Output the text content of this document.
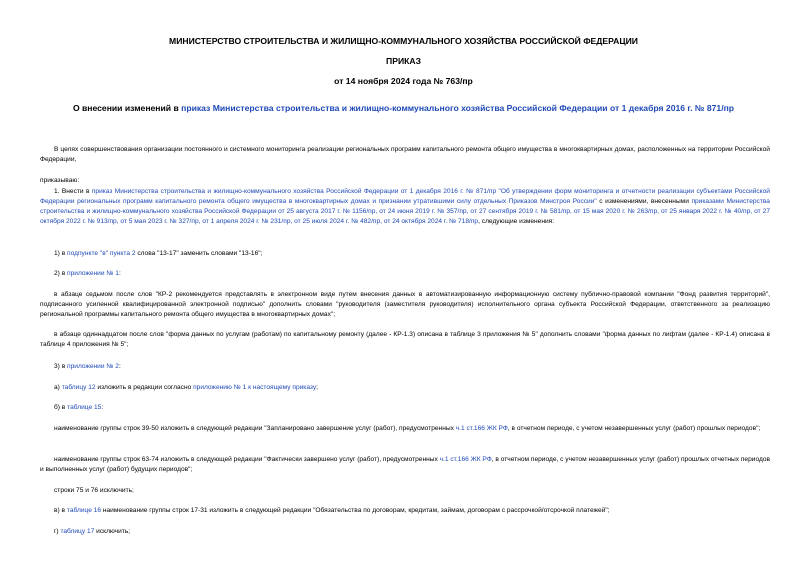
МИНИСТЕРСТВО СТРОИТЕЛЬСТВА И ЖИЛИЩНО-КОММУНАЛЬНОГО ХОЗЯЙСТВА РОССИЙСКОЙ ФЕДЕРАЦИИ
ПРИКАЗ
от 14 ноября 2024 года № 763/пр
О внесении изменений в приказ Министерства строительства и жилищно-коммунального хозяйства Российской Федерации от 1 декабря 2016 г. № 871/пр
В целях совершенствования организации постоянного и системного мониторинга реализации региональных программ капитального ремонта общего имущества в многоквартирных домах, расположенных на территории Российской Федерации,
приказываю:
1. Внести в приказ Министерства строительства и жилищно-коммунального хозяйства Российской Федерации от 1 декабря 2016 г. № 871/пр "Об утверждении форм мониторинга и отчетности реализации субъектами Российской Федерации региональных программ капитального ремонта общего имущества в многоквартирных домах и признании утратившими силу отдельных Приказов Минстроя России" с изменениями, внесенными приказами Министерства строительства и жилищно-коммунального хозяйства Российской Федерации от 25 августа 2017 г. № 1156/пр, от 24 июня 2019 г. № 357/пр, от 27 сентября 2019 г. № 581/пр, от 15 мая 2020 г. № 263/пр, от 25 января 2022 г. № 40/пр, от 27 октября 2022 г. № 913/пр, от 5 мая 2023 г. № 327/пр, от 1 апреля 2024 г. № 231/пр, от 25 июля 2024 г. № 482/пр, от 24 октября 2024 г. № 718/пр, следующие изменения:
1) в подпункте "в" пункта 2 слова "13-17" заменить словами "13-16";
2) в приложении № 1:
в абзаце седьмом после слов "КР-2 рекомендуется представлять в электронном виде путем внесения данных в автоматизированную информационную систему публично-правовой компании "Фонд развития территорий", подписанного усиленной квалифицированной электронной подписью" дополнить словами "руководителя (заместителя руководителя) исполнительного органа субъекта Российской Федерации, ответственного за реализацию региональной программы капитального ремонта общего имущества в многоквартирных домах";
в абзаце одиннадцатом после слов "форма данных по услугам (работам) по капитальному ремонту (далее - КР-1.3) описана в таблице 3 приложения № 5" дополнить словами "форма данных по лифтам (далее - КР-1.4) описана в таблице 4 приложения № 5";
3) в приложении № 2:
а) таблицу 12 изложить в редакции согласно приложению № 1 к настоящему приказу;
б) в таблице 15:
наименование группы строк 39-50 изложить в следующей редакции "Запланировано завершение услуг (работ), предусмотренных ч.1 ст.166 ЖК РФ, в отчетном периоде, с учетом незавершенных услуг (работ) прошлых периодов";
наименование группы строк 63-74 изложить в следующей редакции "Фактически завершено услуг (работ), предусмотренных ч.1 ст.166 ЖК РФ, в отчетном периоде, с учетом незавершенных услуг (работ) прошлых отчетных периодов и выполненных услуг (работ) будущих периодов";
строки 75 и 76 исключить;
в) в таблице 16 наименование группы строк 17-31 изложить в следующей редакции "Обязательства по договорам, кредитам, займам, договорам с рассрочкой/отсрочкой платежей";
г) таблицу 17 исключить;
